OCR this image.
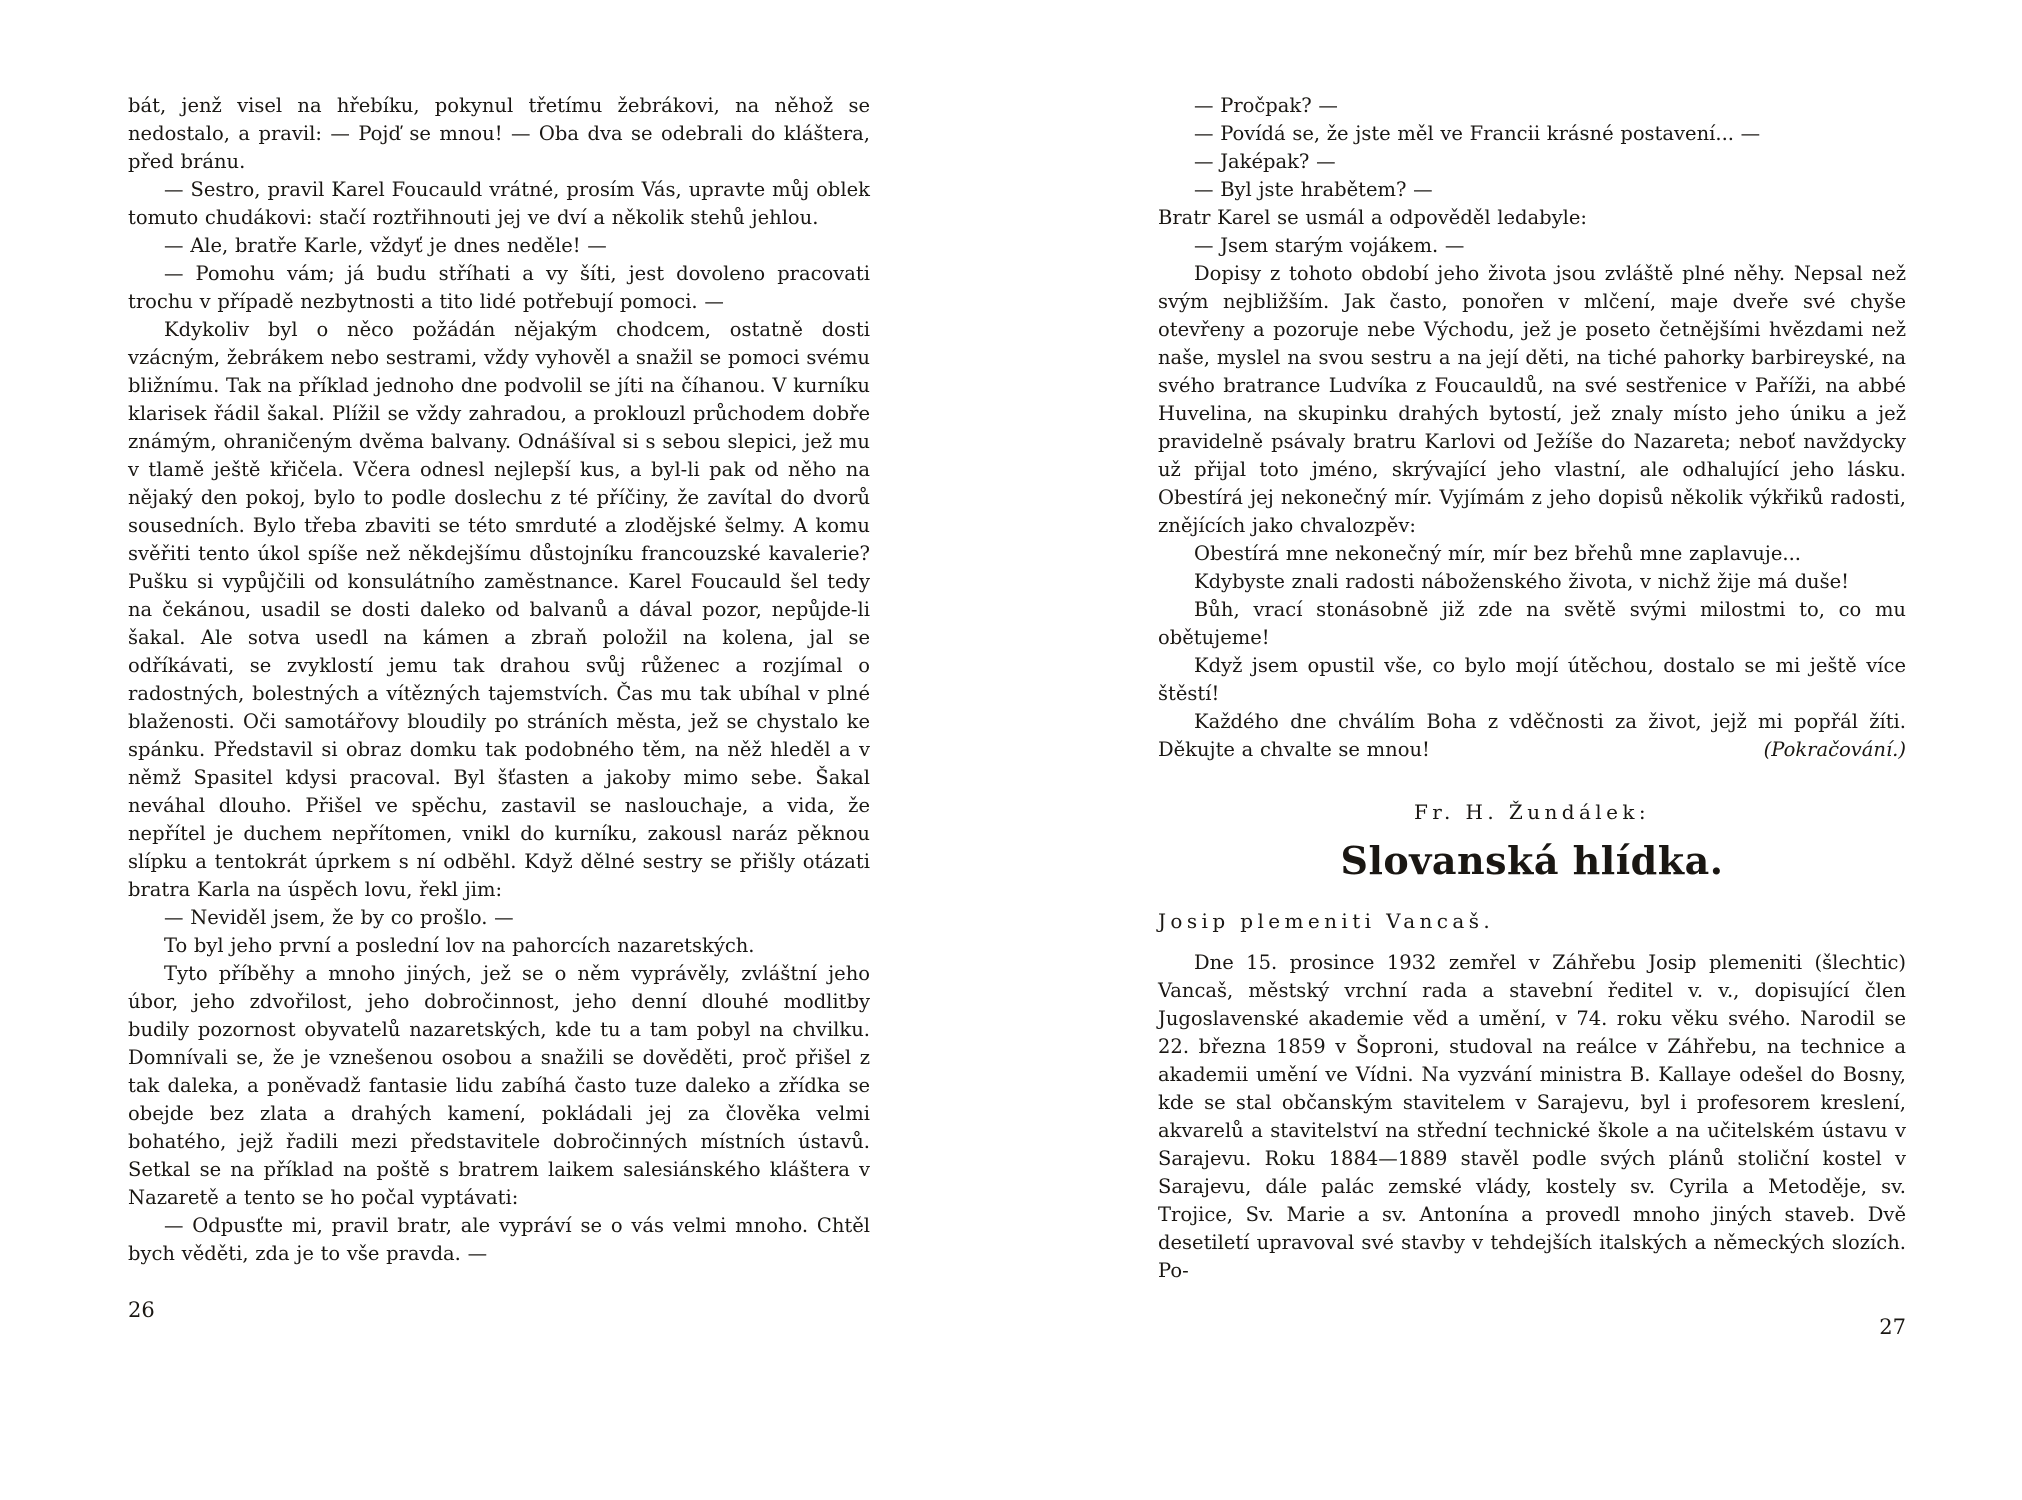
bát, jenž visel na hřebíku, pokynul třetímu žebrákovi, na něhož se nedostalo, a pravil: — Pojď se mnou! — Oba dva se odebrali do kláštera, před bránu.

— Sestro, pravil Karel Foucauld vrátné, prosím Vás, upravte můj oblek tomuto chudákovi: stačí roztřihnouti jej ve dví a několik stehů jehlou.

— Ale, bratře Karle, vždyť je dnes neděle! —

— Pomohu vám; já budu stříhati a vy šíti, jest dovoleno pracovati trochu v případě nezbytnosti a tito lidé potřebují pomoci. —

Kdykoliv byl o něco požádán nějakým chodcem, ostatně dosti vzácným, žebrákem nebo sestrami, vždy vyhověl a snažil se pomoci svému bližnímu. Tak na příklad jednoho dne podvolil se jíti na číhanou. V kurníku klarisek řádil šakal. Plížil se vždy zahradou, a proklouzl průchodem dobře známým, ohraničeným dvěma balvany. Odnášíval si s sebou slepici, jež mu v tlamě ještě křičela. Včera odnesl nejlepší kus, a byl-li pak od něho na nějaký den pokoj, bylo to podle doslechu z té příčiny, že zavítal do dvorů sousedních. Bylo třeba zbaviti se této smrduté a zlodějské šelmy. A komu svěřiti tento úkol spíše než někdejšímu důstojníku francouzské kavalerie? Pušku si vypůjčili od konsulátního zaměstnance. Karel Foucauld šel tedy na čekánou, usadil se dosti daleko od balvanů a dával pozor, nepůjde-li šakal. Ale sotva usedl na kámen a zbraň položil na kolena, jal se odříkávati, se zvyklostí jemu tak drahou svůj růženec a rozjímal o radostných, bolestných a vítězných tajemstvích. Čas mu tak ubíhal v plné blaženosti. Oči samotářovy bloudily po stráních města, jež se chystalo ke spánku. Představil si obraz domku tak podobného těm, na něž hleděl a v němž Spasitel kdysi pracoval. Byl šťasten a jakoby mimo sebe. Šakal neváhal dlouho. Přišel ve spěchu, zastavil se naslouchaje, a vida, že nepřítel je duchem nepřítomen, vnikl do kurníku, zakousl naráz pěknou slípku a tentokrát úprkem s ní odběhl. Když dělné sestry se přišly otázati bratra Karla na úspěch lovu, řekl jim:

— Neviděl jsem, že by co prošlo. —

To byl jeho první a poslední lov na pahorcích nazaretských.

Tyto příběhy a mnoho jiných, jež se o něm vyprávěly, zvláštní jeho úbor, jeho zdvořilost, jeho dobročinnost, jeho denní dlouhé modlitby budily pozornost obyvatelů nazaretských, kde tu a tam pobyl na chvilku. Domnívali se, že je vznešenou osobou a snažili se dověděti, proč přišel z tak daleka, a poněvadž fantasie lidu zabíhá často tuze daleko a zřídka se obejde bez zlata a drahých kamení, pokládali jej za člověka velmi bohatého, jejž řadili mezi představitele dobročinných místních ústavů. Setkal se na příklad na poště s bratrem laikem salesiánského kláštera v Nazaretě a tento se ho počal vyptávati:

— Odpusťte mi, pravil bratr, ale vypráví se o vás velmi mnoho. Chtěl bych věděti, zda je to vše pravda. —

26

— Pročpak? —

— Povídá se, že jste měl ve Francii krásné postavení... —

— Jaképak? —

— Byl jste hrabětem? —

Bratr Karel se usmál a odpověděl ledabyle:

— Jsem starým vojákem. —

Dopisy z tohoto období jeho života jsou zvláště plné něhy. Nepsal než svým nejbližším. Jak často, ponořen v mlčení, maje dveře své chyše otevřeny a pozoruje nebe Východu, jež je poseto četnějšími hvězdami než naše, myslel na svou sestru a na její děti, na tiché pahorky barbireyské, na svého bratrance Ludvíka z Foucauldů, na své sestřenice v Paříži, na abbé Huvelina, na skupinku drahých bytostí, jež znaly místo jeho úniku a jež pravidelně psávaly bratru Karlovi od Ježíše do Nazareta; neboť navždycky už přijal toto jméno, skrývající jeho vlastní, ale odhalující jeho lásku. Obestírá jej nekonečný mír. Vyjímám z jeho dopisů několik výkřiků radosti, znějících jako chvalozpěv:

Obestírá mne nekonečný mír, mír bez břehů mne zaplavuje...

Kdybyste znali radosti náboženského života, v nichž žije má duše!

Bůh, vrací stonásobně již zde na světě svými milostmi to, co mu obětujeme!

Když jsem opustil vše, co bylo mojí útěchou, dostalo se mi ještě více štěstí!

Každého dne chválím Boha z vděčnosti za život, jejž mi popřál žíti. Děkujte a chvalte se mnou!	(Pokračování.)

Fr. H. Žundálek:
Slovanská hlídka.
Josip plemeniti Vancaš.

Dne 15. prosince 1932 zemřel v Záhřebu Josip plemeniti (šlechtic) Vancaš, městský vrchní rada a stavební ředitel v. v., dopisující člen Jugoslavenské akademie věd a umění, v 74. roku věku svého. Narodil se 22. března 1859 v Šoproni, studoval na reálce v Záhřebu, na technice a akademii umění ve Vídni. Na vyzvání ministra B. Kallaye odešel do Bosny, kde se stal občanským stavitelem v Sarajevu, byl i profesorem kreslení, akvarelů a stavitelství na střední technické škole a na učitelském ústavu v Sarajevu. Roku 1884—1889 stavěl podle svých plánů stoliční kostel v Sarajevu, dále palác zemské vlády, kostely sv. Cyrila a Metoděje, sv. Trojice, Sv. Marie a sv. Antonína a provedl mnoho jiných staveb. Dvě desetiletí upravoval své stavby v tehdejších italských a německých slozích. Po-

27
